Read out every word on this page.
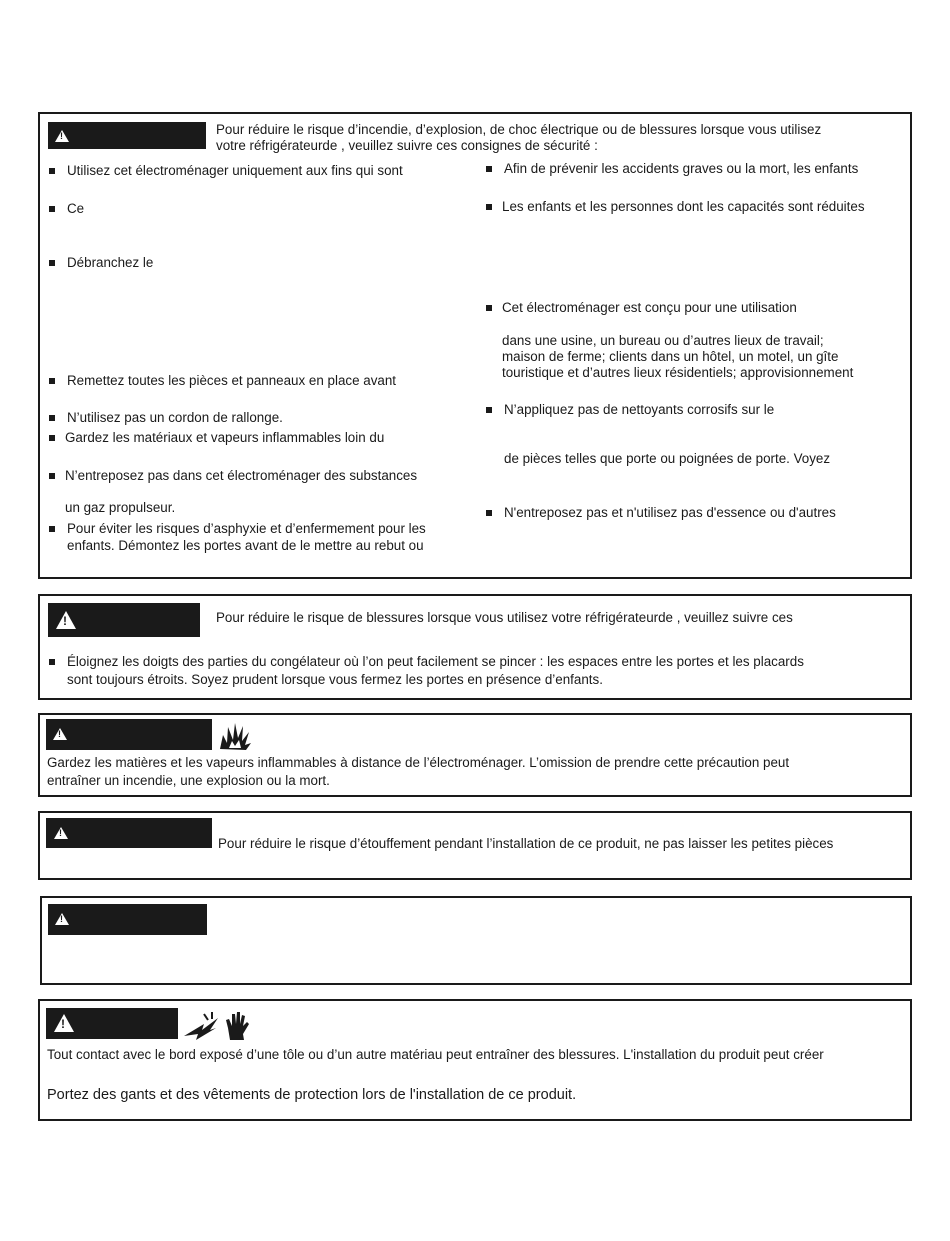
!
Pour réduire le risque d’incendie, d’explosion, de choc électrique ou de blessures lorsque vous utilisez
votre réfrigérateurde , veuillez suivre ces consignes de sécurité :
Utilisez cet électroménager uniquement aux fins qui sont
Ce
Débranchez le
Remettez toutes les pièces et panneaux en place avant
N’utilisez pas un cordon de rallonge.
Gardez les matériaux et vapeurs inflammables loin du
N’entreposez pas dans cet électroménager des substances
un gaz propulseur.
Pour éviter les risques d’asphyxie et d’enfermement pour les
enfants. Démontez les portes avant de le mettre au rebut ou
Afin de prévenir les accidents graves ou la mort, les enfants
Les enfants et les personnes dont les capacités sont réduites
Cet électroménager est conçu pour une utilisation
dans une usine, un bureau ou d’autres lieux de travail;
maison de ferme; clients dans un hôtel, un motel, un gîte
touristique et d’autres lieux résidentiels; approvisionnement
N’appliquez pas de nettoyants corrosifs sur le
de pièces telles que porte ou poignées de porte. Voyez
N'entreposez pas et n'utilisez pas d'essence ou d'autres
!
Pour réduire le risque de blessures lorsque vous utilisez votre réfrigérateurde , veuillez suivre ces
Éloignez les doigts des parties du congélateur où l’on peut facilement se pincer : les espaces entre les portes et les placards
sont toujours étroits. Soyez prudent lorsque vous fermez les portes en présence d’enfants.
!
Gardez les matières et les vapeurs inflammables à distance de l’électroménager. L’omission de prendre cette précaution peut
entraîner un incendie, une explosion ou la mort.
!
Pour réduire le risque d’étouffement pendant l’installation de ce produit, ne pas laisser les petites pièces
!
!
Tout contact avec le bord exposé d’une tôle ou d’un autre matériau peut entraîner des blessures. L'installation du produit peut créer
Portez des gants et des vêtements de protection lors de l'installation de ce produit.
